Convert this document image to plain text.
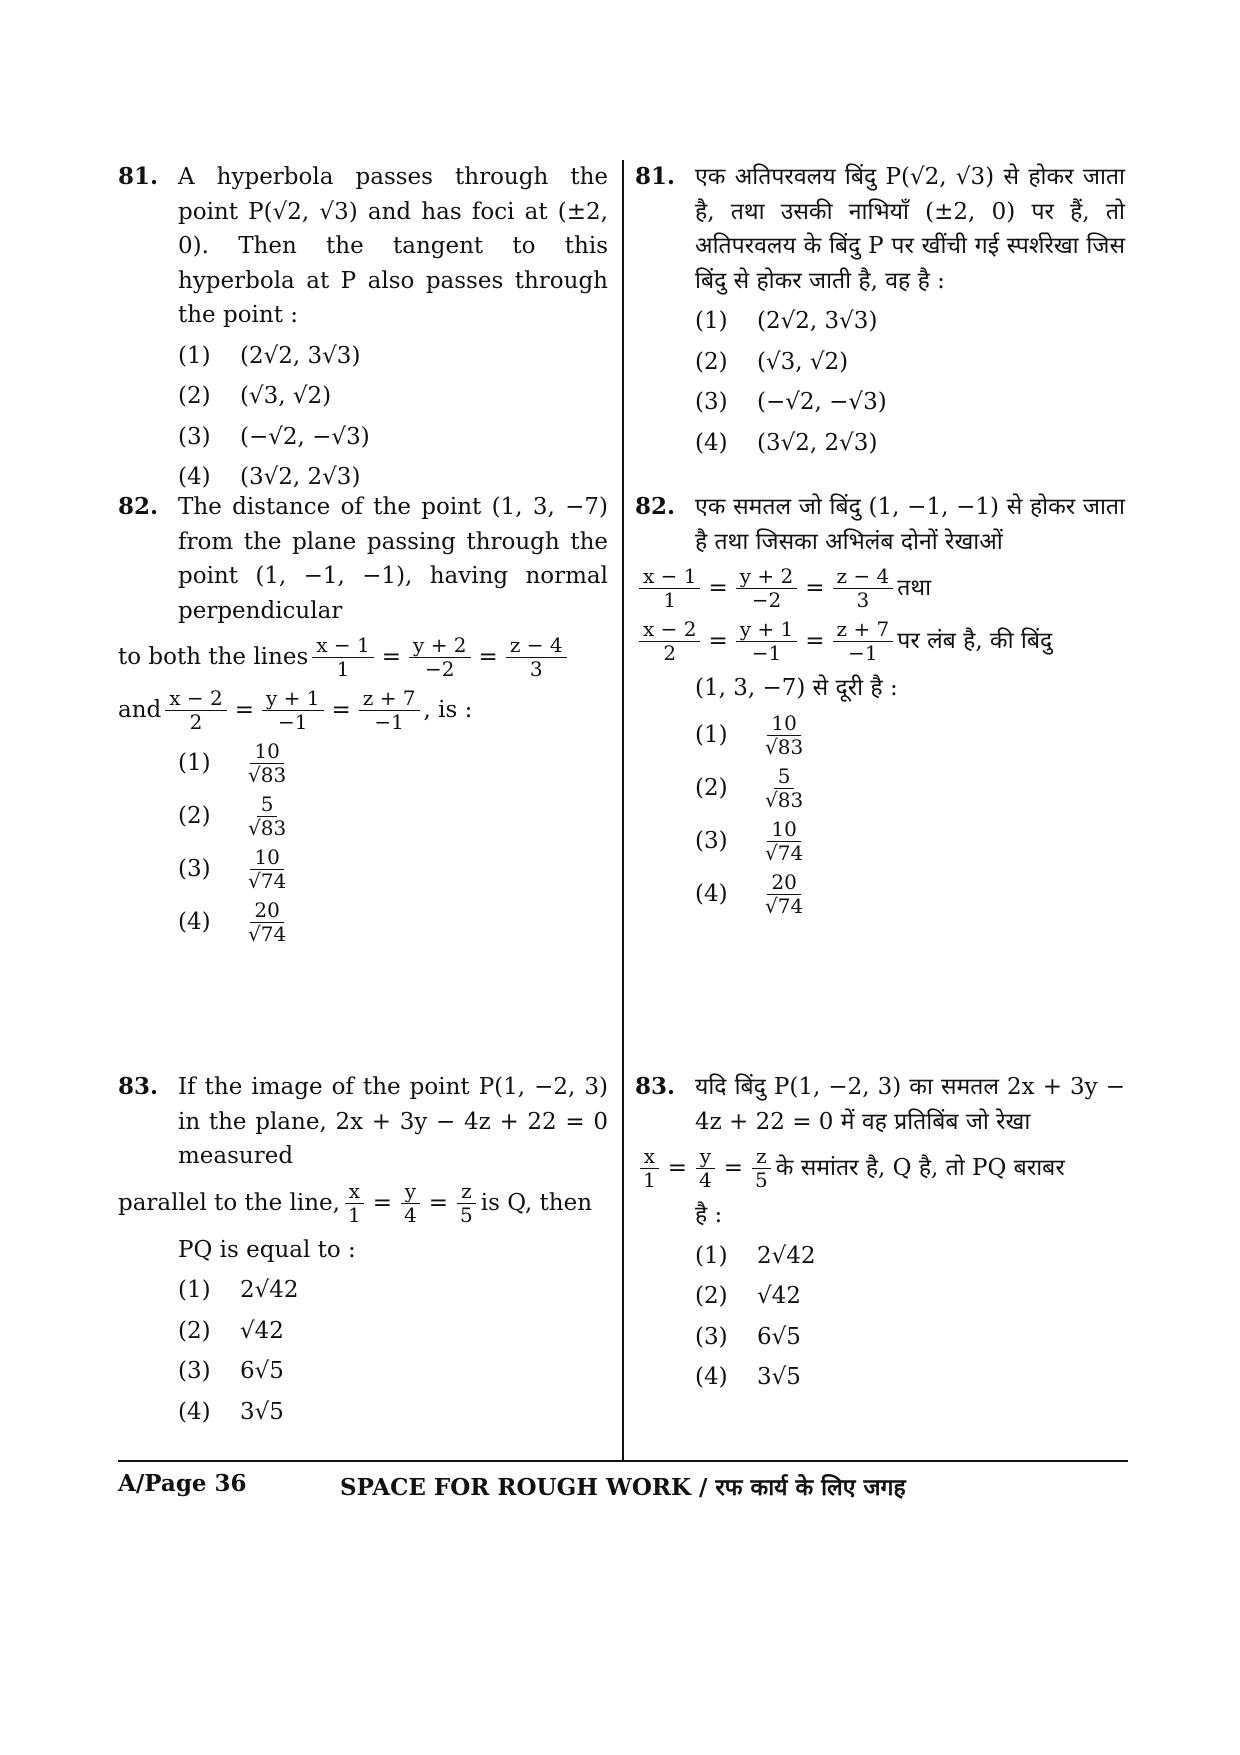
81. A hyperbola passes through the point P(√2, √3) and has foci at (±2, 0). Then the tangent to this hyperbola at P also passes through the point :
(1)	(2√2, 3√3)
(2)	(√3, √2)
(3)	(−√2, −√3)
(4)	(3√2, 2√3)
82. The distance of the point (1, 3, −7) from the plane passing through the point (1, −1, −1), having normal perpendicular
to both the lines $\frac{x - 1}{1} = \frac{y + 2}{-2} = \frac{z - 4}{3}$
and $\frac{x - 2}{2} = \frac{y + 1}{-1} = \frac{z + 7}{-1}$ , is :
(1)	10
√83
(2)	5
√83
(3)	10
√74
(4)	20
√74
83. If the image of the point P(1, −2, 3) in the plane, 2x + 3y − 4z + 22 = 0 measured
parallel to the line, $\frac{x}{1} = \frac{y}{4} = \frac{z}{5}$ is Q, then
PQ is equal to :
(1)	2√42
(2)	√42
(3)	6√5
(4)	3√5
81. एक अतिपरवलय बिंदु P(√2, √3) से होकर जाता है, तथा उसकी नाभियाँ (±2, 0) पर हैं, तो अतिपरवलय के बिंदु P पर खींची गई स्पर्शरेखा जिस बिंदु से होकर जाती है, वह है :
(1)	(2√2, 3√3)
(2)	(√3, √2)
(3)	(−√2, −√3)
(4)	(3√2, 2√3)
82. एक समतल जो बिंदु (1, −1, −1) से होकर जाता है तथा जिसका अभिलंब दोनों रेखाओं
$\frac{x - 1}{1} = \frac{y + 2}{-2} = \frac{z - 4}{3}$ तथा
$\frac{x - 2}{2} = \frac{y + 1}{-1} = \frac{z + 7}{-1}$ पर लंब है, की बिंदु
(1, 3, −7) से दूरी है :
(1)	10
√83
(2)	5
√83
(3)	10
√74
(4)	20
√74
83. यदि बिंदु P(1, −2, 3) का समतल 2x + 3y − 4z + 22 = 0 में वह प्रतिबिंब जो रेखा
$\frac{x}{1} = \frac{y}{4} = \frac{z}{5}$ के समांतर है, Q है, तो PQ बराबर
है :
(1)	2√42
(2)	√42
(3)	6√5
(4)	3√5
A/Page 36	SPACE FOR ROUGH WORK / रफ कार्य के लिए जगह
